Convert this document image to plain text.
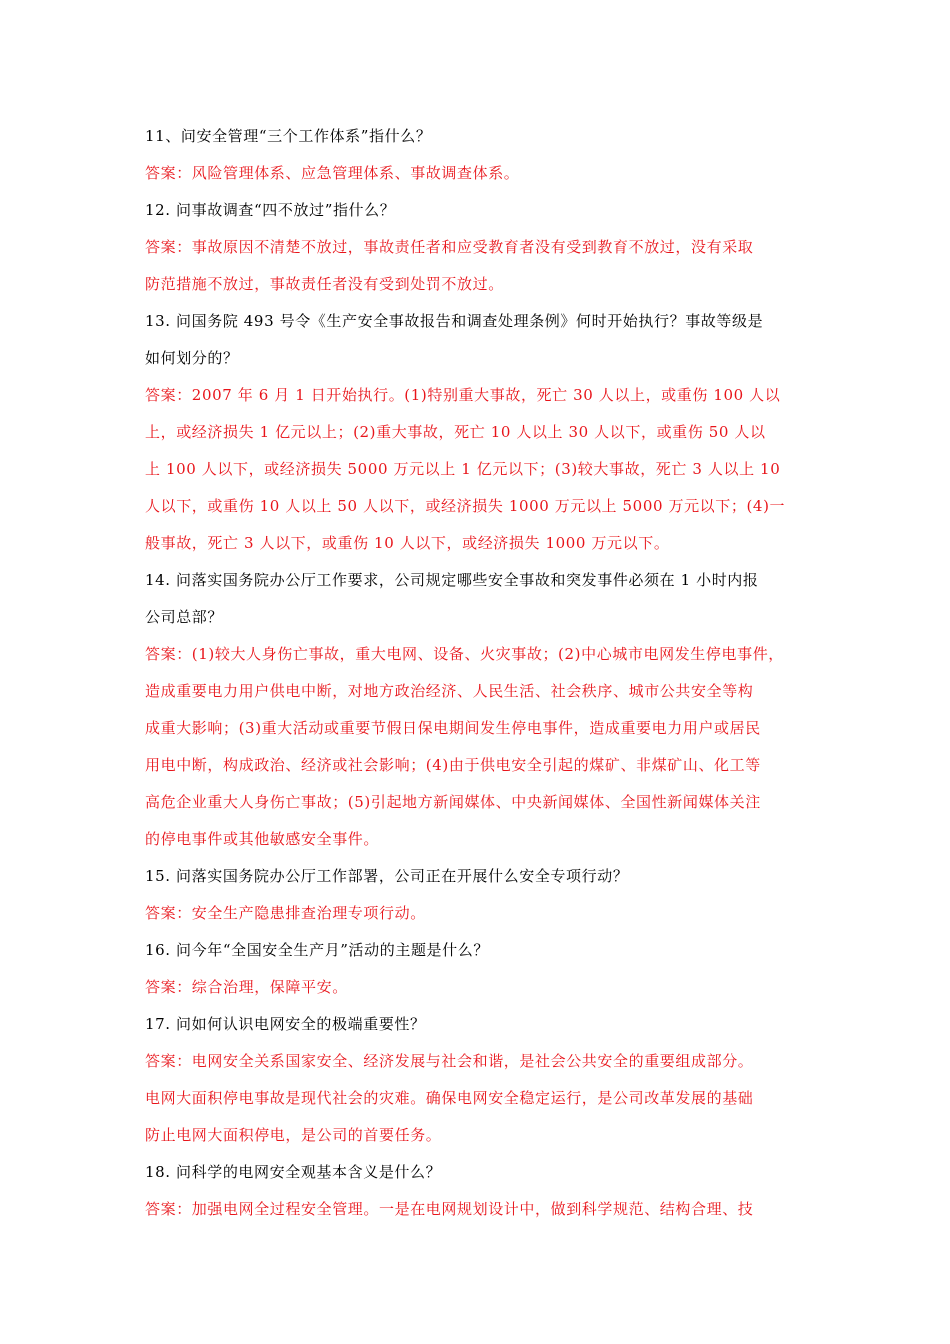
11、问安全管理“三个工作体系”指什么？
答案：风险管理体系、应急管理体系、事故调查体系。
12. 问事故调查“四不放过”指什么？
答案：事故原因不清楚不放过，事故责任者和应受教育者没有受到教育不放过，没有采取
防范措施不放过，事故责任者没有受到处罚不放过。
13. 问国务院 493 号令《生产安全事故报告和调查处理条例》何时开始执行？事故等级是
如何划分的？
答案：2007 年 6 月 1 日开始执行。(1)特别重大事故，死亡 30 人以上，或重伤 100 人以
上，或经济损失 1 亿元以上；(2)重大事故，死亡 10 人以上 30 人以下，或重伤 50 人以
上 100 人以下，或经济损失 5000 万元以上 1 亿元以下；(3)较大事故，死亡 3 人以上 10
人以下，或重伤 10 人以上 50 人以下，或经济损失 1000 万元以上 5000 万元以下；(4)一
般事故，死亡 3 人以下，或重伤 10 人以下，或经济损失 1000 万元以下。
14. 问落实国务院办公厅工作要求，公司规定哪些安全事故和突发事件必须在 1 小时内报
公司总部？
答案：(1)较大人身伤亡事故，重大电网、设备、火灾事故；(2)中心城市电网发生停电事件，
造成重要电力用户供电中断，对地方政治经济、人民生活、社会秩序、城市公共安全等构
成重大影响；(3)重大活动或重要节假日保电期间发生停电事件，造成重要电力用户或居民
用电中断，构成政治、经济或社会影响；(4)由于供电安全引起的煤矿、非煤矿山、化工等
高危企业重大人身伤亡事故；(5)引起地方新闻媒体、中央新闻媒体、全国性新闻媒体关注
的停电事件或其他敏感安全事件。
15. 问落实国务院办公厅工作部署，公司正在开展什么安全专项行动？
答案：安全生产隐患排查治理专项行动。
16. 问今年“全国安全生产月”活动的主题是什么？
答案：综合治理，保障平安。
17. 问如何认识电网安全的极端重要性？
答案：电网安全关系国家安全、经济发展与社会和谐，是社会公共安全的重要组成部分。
电网大面积停电事故是现代社会的灾难。确保电网安全稳定运行，是公司改革发展的基础
防止电网大面积停电，是公司的首要任务。
18. 问科学的电网安全观基本含义是什么？
答案：加强电网全过程安全管理。一是在电网规划设计中，做到科学规范、结构合理、技
